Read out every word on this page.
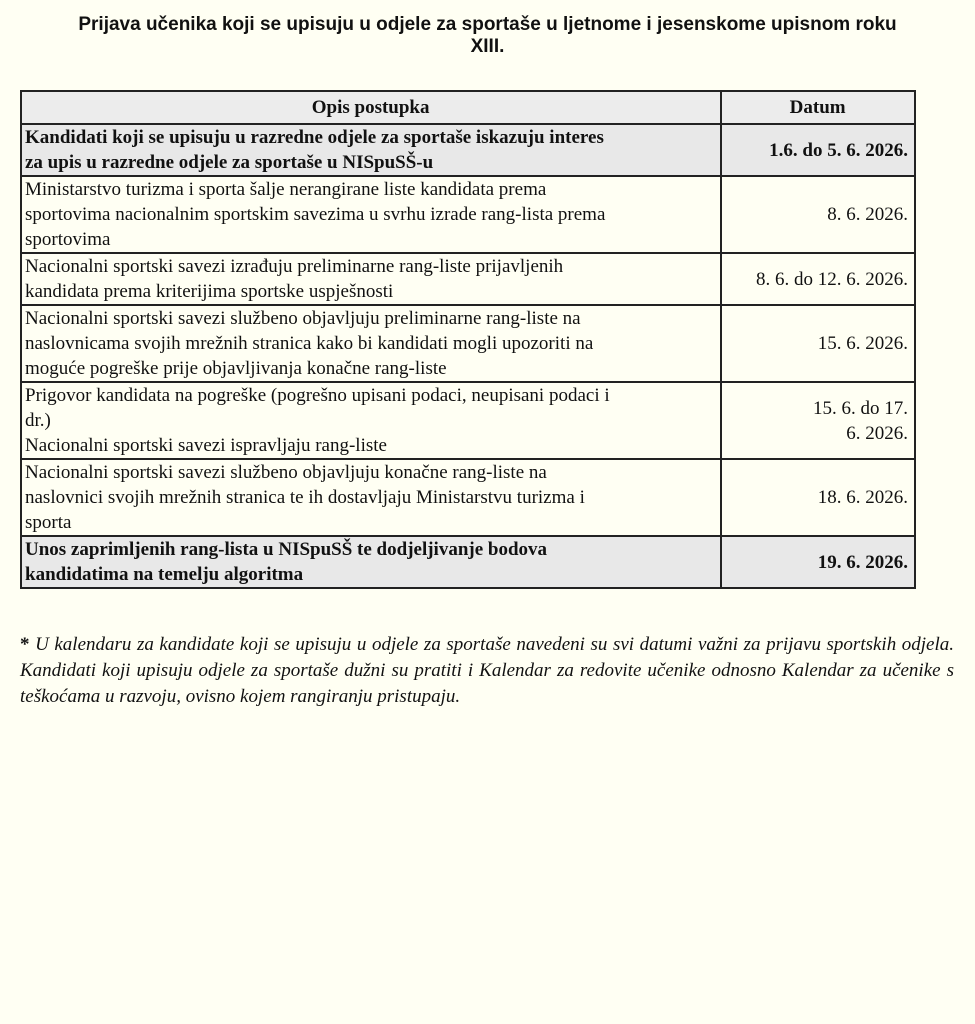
Prijava učenika koji se upisuju u odjele za sportaše u ljetnome i jesenskome upisnom roku
XIII.
Opis postupka	Datum

Kandidati koji se upisuju u razredne odjele za sportaše iskazuju interes
za upis u razredne odjele za sportaše u NISpuSŠ-u	1.6. do 5. 6. 2026.

Ministarstvo turizma i sporta šalje nerangirane liste kandidata prema
sportovima nacionalnim sportskim savezima u svrhu izrade rang-lista prema
sportovima	8. 6. 2026.

Nacionalni sportski savezi izrađuju preliminarne rang-liste prijavljenih
kandidata prema kriterijima sportske uspješnosti	8. 6. do 12. 6. 2026.

Nacionalni sportski savezi službeno objavljuju preliminarne rang-liste na
naslovnicama svojih mrežnih stranica kako bi kandidati mogli upozoriti na
moguće pogreške prije objavljivanja konačne rang-liste	15. 6. 2026.

Prigovor kandidata na pogreške (pogrešno upisani podaci, neupisani podaci i
dr.)
Nacionalni sportski savezi ispravljaju rang-liste	15. 6. do 17.
6. 2026.

Nacionalni sportski savezi službeno objavljuju konačne rang-liste na
naslovnici svojih mrežnih stranica te ih dostavljaju Ministarstvu turizma i
sporta	18. 6. 2026.

Unos zaprimljenih rang-lista u NISpuSŠ te dodjeljivanje bodova
kandidatima na temelju algoritma	19. 6. 2026.

* U kalendaru za kandidate koji se upisuju u odjele za sportaše navedeni su svi datumi važni za prijavu sportskih odjela. Kandidati koji upisuju odjele za sportaše dužni su pratiti i Kalendar za redovite učenike odnosno Kalendar za učenike s teškoćama u razvoju, ovisno kojem rangiranju pristupaju.
